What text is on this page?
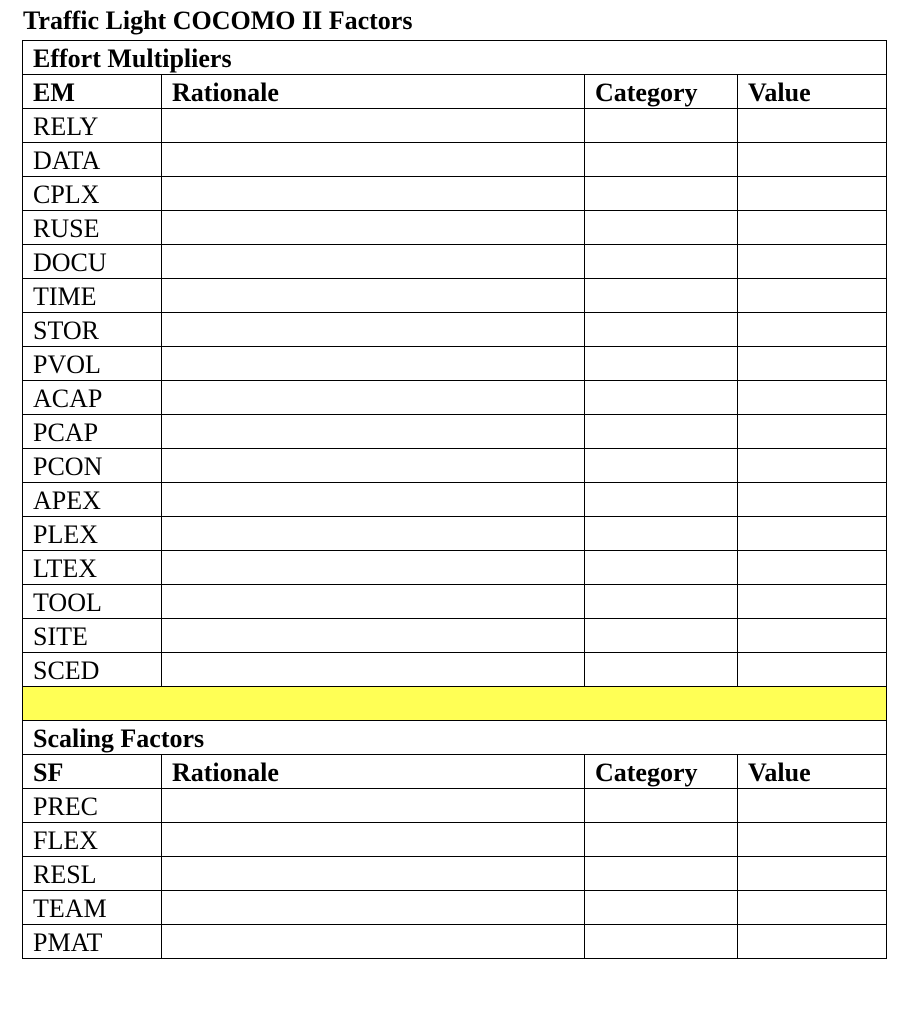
Traffic Light COCOMO II Factors
Effort Multipliers			
EM	Rationale	Category	Value
RELY			
DATA			
CPLX			
RUSE			
DOCU			
TIME			
STOR			
PVOL			
ACAP			
PCAP			
PCON			
APEX			
PLEX			
LTEX			
TOOL			
SITE			
SCED			

Scaling Factors			
SF	Rationale	Category	Value
PREC			
FLEX			
RESL			
TEAM			
PMAT			
